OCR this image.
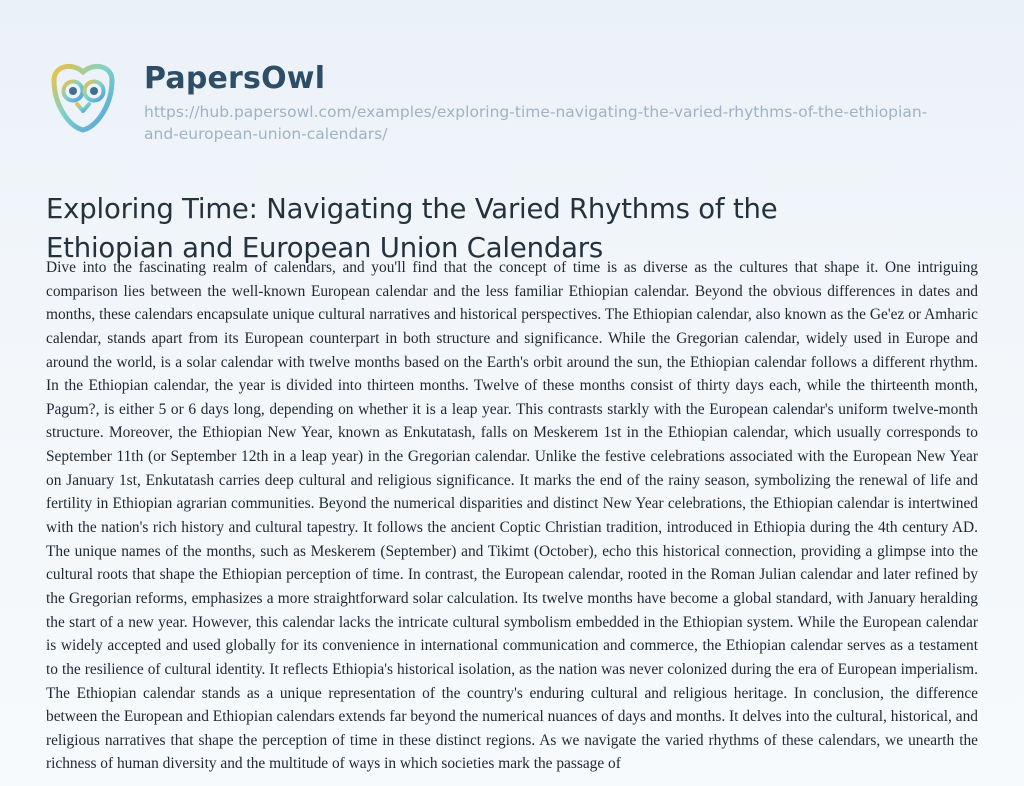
PapersOwl
https://hub.papersowl.com/examples/exploring-time-navigating-the-varied-rhythms-of-the-ethiopian-and-european-union-calendars/
Exploring Time: Navigating the Varied Rhythms of the Ethiopian and European Union Calendars
Dive into the fascinating realm of calendars, and you'll find that the concept of time is as diverse as the cultures that shape it. One intriguing comparison lies between the well-known European calendar and the less familiar Ethiopian calendar. Beyond the obvious differences in dates and months, these calendars encapsulate unique cultural narratives and historical perspectives. The Ethiopian calendar, also known as the Ge'ez or Amharic calendar, stands apart from its European counterpart in both structure and significance. While the Gregorian calendar, widely used in Europe and around the world, is a solar calendar with twelve months based on the Earth's orbit around the sun, the Ethiopian calendar follows a different rhythm. In the Ethiopian calendar, the year is divided into thirteen months. Twelve of these months consist of thirty days each, while the thirteenth month, Pagum?, is either 5 or 6 days long, depending on whether it is a leap year. This contrasts starkly with the European calendar's uniform twelve-month structure. Moreover, the Ethiopian New Year, known as Enkutatash, falls on Meskerem 1st in the Ethiopian calendar, which usually corresponds to September 11th (or September 12th in a leap year) in the Gregorian calendar. Unlike the festive celebrations associated with the European New Year on January 1st, Enkutatash carries deep cultural and religious significance. It marks the end of the rainy season, symbolizing the renewal of life and fertility in Ethiopian agrarian communities. Beyond the numerical disparities and distinct New Year celebrations, the Ethiopian calendar is intertwined with the nation's rich history and cultural tapestry. It follows the ancient Coptic Christian tradition, introduced in Ethiopia during the 4th century AD. The unique names of the months, such as Meskerem (September) and Tikimt (October), echo this historical connection, providing a glimpse into the cultural roots that shape the Ethiopian perception of time. In contrast, the European calendar, rooted in the Roman Julian calendar and later refined by the Gregorian reforms, emphasizes a more straightforward solar calculation. Its twelve months have become a global standard, with January heralding the start of a new year. However, this calendar lacks the intricate cultural symbolism embedded in the Ethiopian system. While the European calendar is widely accepted and used globally for its convenience in international communication and commerce, the Ethiopian calendar serves as a testament to the resilience of cultural identity. It reflects Ethiopia's historical isolation, as the nation was never colonized during the era of European imperialism. The Ethiopian calendar stands as a unique representation of the country's enduring cultural and religious heritage. In conclusion, the difference between the European and Ethiopian calendars extends far beyond the numerical nuances of days and months. It delves into the cultural, historical, and religious narratives that shape the perception of time in these distinct regions. As we navigate the varied rhythms of these calendars, we unearth the richness of human diversity and the multitude of ways in which societies mark the passage of
